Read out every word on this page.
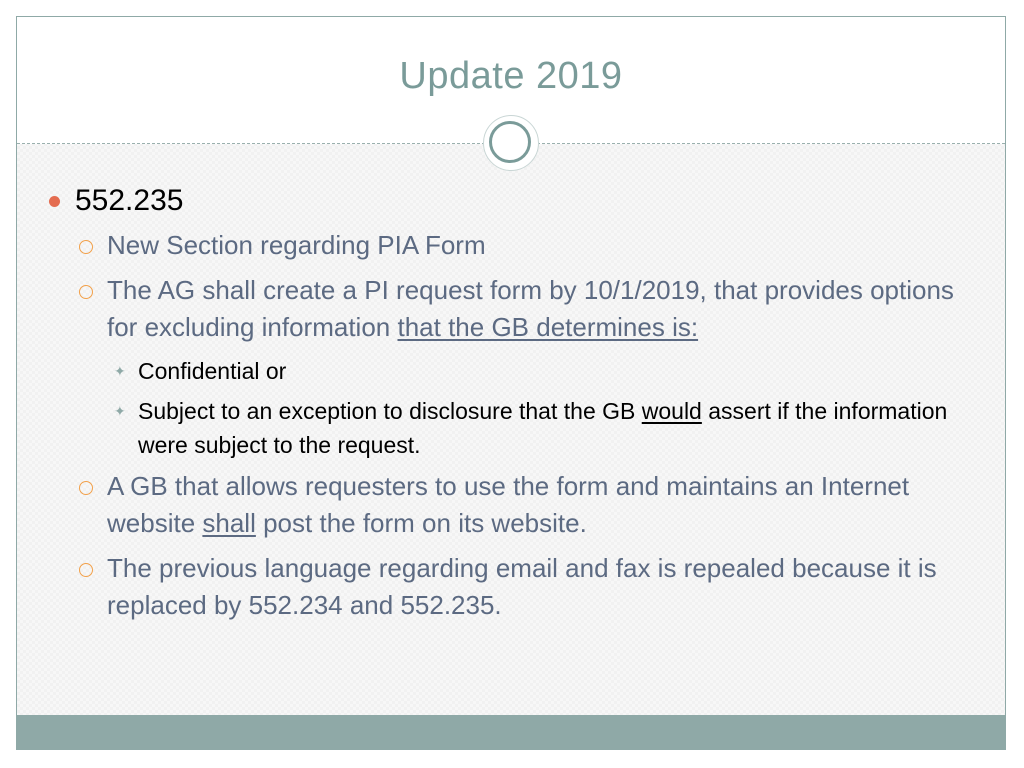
Update 2019
552.235
New Section regarding PIA Form
The AG shall create a PI request form by 10/1/2019, that provides options for excluding information that the GB determines is:
✦ Confidential or
✦ Subject to an exception to disclosure that the GB would assert if the information were subject to the request.
A GB that allows requesters to use the form and maintains an Internet website shall post the form on its website.
The previous language regarding email and fax is repealed because it is replaced by 552.234 and 552.235.
